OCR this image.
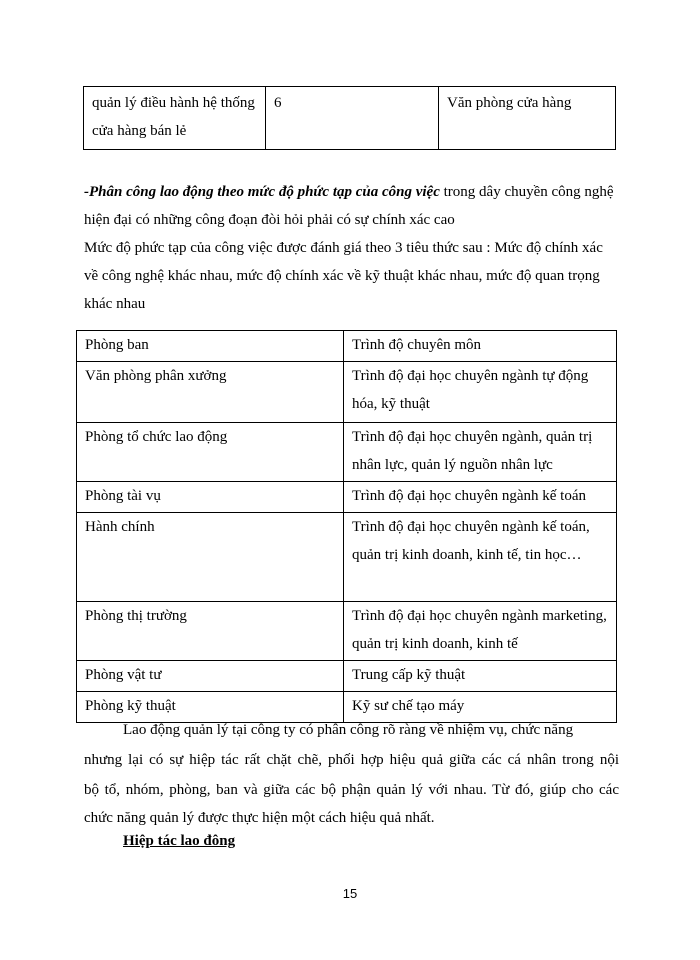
quản lý điều hành hệ thống cửa hàng bán lẻ	6	Văn phòng cửa hàng

-Phân công lao động theo mức độ phức tạp của công việc trong dây chuyền công nghệ hiện đại có những công đoạn đòi hỏi phải có sự chính xác cao

Mức độ phức tạp của công việc được đánh giá theo 3 tiêu thức sau : Mức độ chính xác về công nghệ khác nhau, mức độ chính xác về kỹ thuật khác nhau, mức độ quan trọng khác nhau

Phòng ban	Trình độ chuyên môn
Văn phòng phân xưởng	Trình độ đại học chuyên ngành tự động hóa, kỹ thuật
Phòng tổ chức lao động	Trình độ đại học chuyên ngành, quản trị nhân lực, quản lý nguồn nhân lực
Phòng tài vụ	Trình độ đại học chuyên ngành kế toán
Hành chính	Trình độ đại học chuyên ngành kế toán, quản trị kinh doanh, kinh tế, tin học…
Phòng thị trường	Trình độ đại học chuyên ngành marketing, quản trị kinh doanh, kinh tế
Phòng vật tư	Trung cấp kỹ thuật
Phòng kỹ thuật	Kỹ sư chế tạo máy

Lao động quản lý tại công ty có phân công rõ ràng về nhiệm vụ, chức năng

nhưng lại có sự hiệp tác rất chặt chẽ, phối hợp hiệu quả giữa các cá nhân trong nội

bộ tổ, nhóm, phòng, ban và giữa các bộ phận quản lý với nhau. Từ đó, giúp cho các

chức năng quản lý được thực hiện một cách hiệu quả nhất.

Hiệp tác lao đông

15
